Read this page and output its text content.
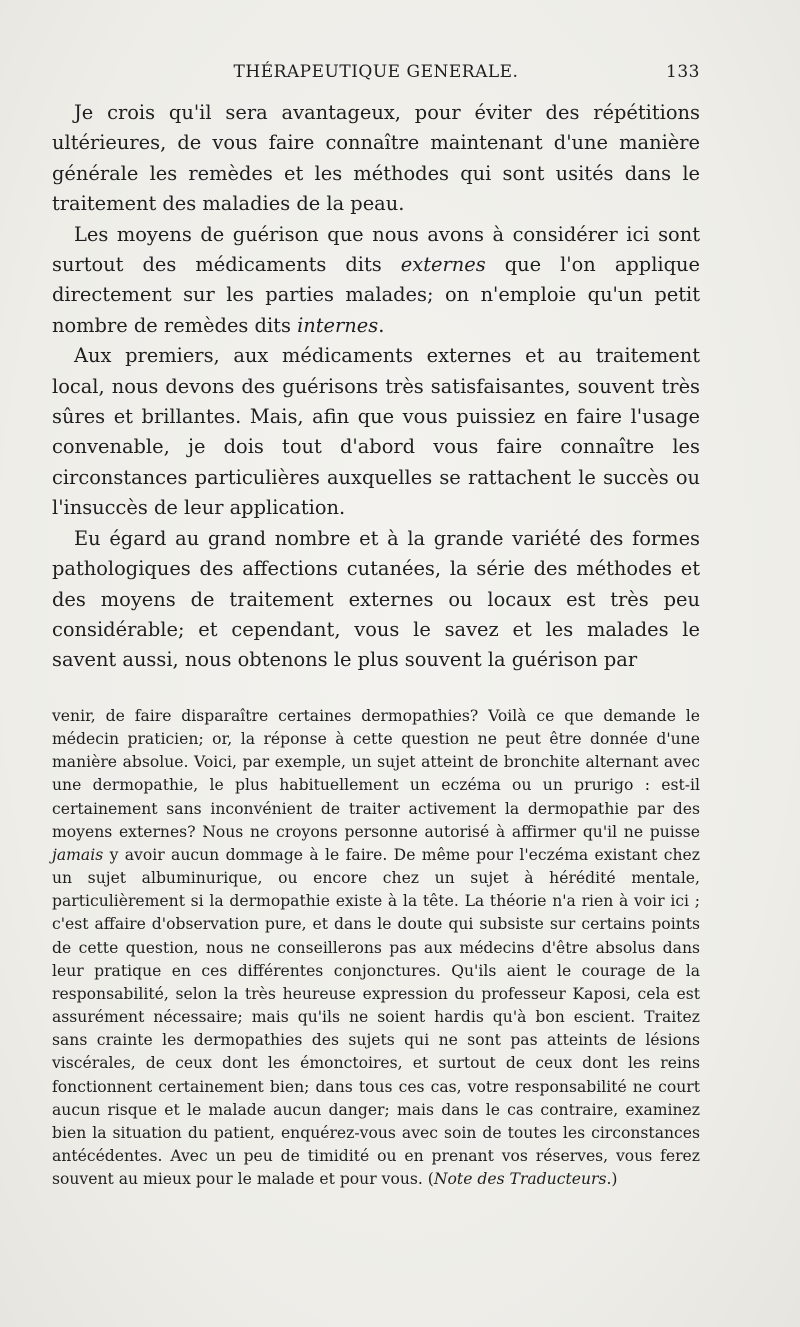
THÉRAPEUTIQUE GENERALE.	133

Je crois qu'il sera avantageux, pour éviter des répétitions ultérieures, de vous faire connaître maintenant d'une manière générale les remèdes et les méthodes qui sont usités dans le traitement des maladies de la peau.

Les moyens de guérison que nous avons à considérer ici sont surtout des médicaments dits externes que l'on applique directement sur les parties malades; on n'emploie qu'un petit nombre de remèdes dits internes.

Aux premiers, aux médicaments externes et au traitement local, nous devons des guérisons très satisfaisantes, souvent très sûres et brillantes. Mais, afin que vous puissiez en faire l'usage convenable, je dois tout d'abord vous faire connaître les circonstances particulières auxquelles se rattachent le succès ou l'insuccès de leur application.

Eu égard au grand nombre et à la grande variété des formes pathologiques des affections cutanées, la série des méthodes et des moyens de traitement externes ou locaux est très peu considérable; et cependant, vous le savez et les malades le savent aussi, nous obtenons le plus souvent la guérison par

venir, de faire disparaître certaines dermopathies? Voilà ce que demande le médecin praticien; or, la réponse à cette question ne peut être donnée d'une manière absolue. Voici, par exemple, un sujet atteint de bronchite alternant avec une dermopathie, le plus habituellement un eczéma ou un prurigo : est-il certainement sans inconvénient de traiter activement la dermopathie par des moyens externes? Nous ne croyons personne autorisé à affirmer qu'il ne puisse jamais y avoir aucun dommage à le faire. De même pour l'eczéma existant chez un sujet albuminurique, ou encore chez un sujet à hérédité mentale, particulièrement si la dermopathie existe à la tête. La théorie n'a rien à voir ici ; c'est affaire d'observation pure, et dans le doute qui subsiste sur certains points de cette question, nous ne conseillerons pas aux médecins d'être absolus dans leur pratique en ces différentes conjonctures. Qu'ils aient le courage de la responsabilité, selon la très heureuse expression du professeur Kaposi, cela est assurément nécessaire; mais qu'ils ne soient hardis qu'à bon escient. Traitez sans crainte les dermopathies des sujets qui ne sont pas atteints de lésions viscérales, de ceux dont les émonctoires, et surtout de ceux dont les reins fonctionnent certainement bien; dans tous ces cas, votre responsabilité ne court aucun risque et le malade aucun danger; mais dans le cas contraire, examinez bien la situation du patient, enquérez-vous avec soin de toutes les circonstances antécédentes. Avec un peu de timidité ou en prenant vos réserves, vous ferez souvent au mieux pour le malade et pour vous. (Note des Traducteurs.)
